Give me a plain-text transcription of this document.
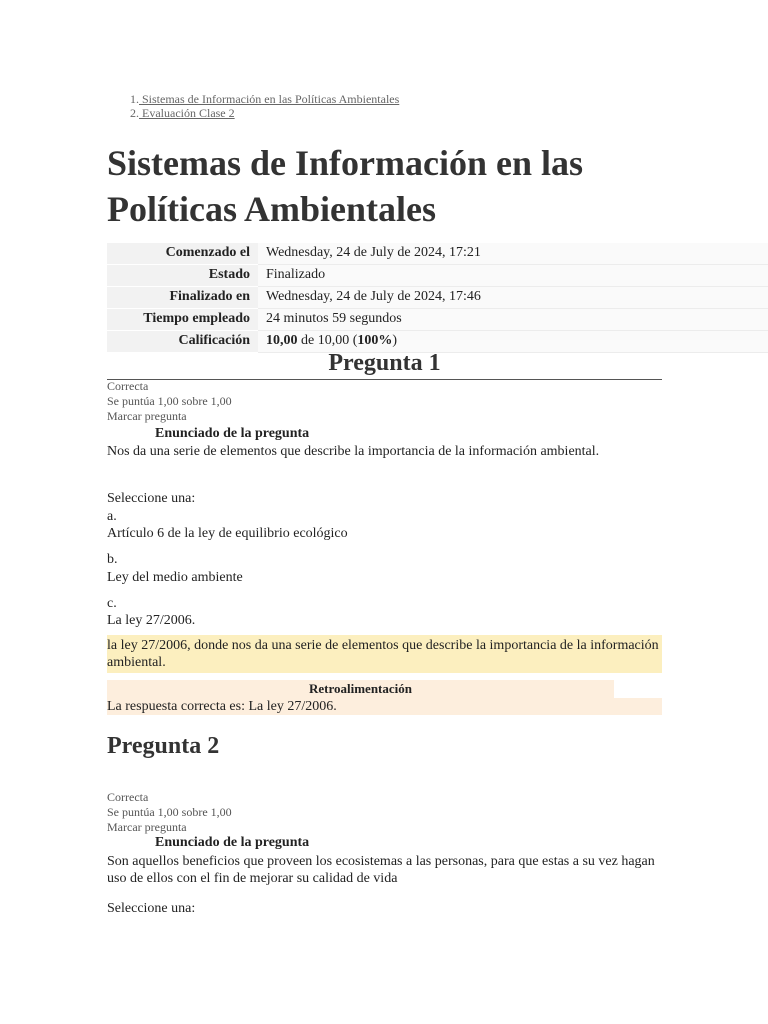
1. Sistemas de Información en las Políticas Ambientales
2. Evaluación Clase 2
Sistemas de Información en las Políticas Ambientales
Comenzado el	Wednesday, 24 de July de 2024, 17:21
Estado	Finalizado
Finalizado en	Wednesday, 24 de July de 2024, 17:46
Tiempo empleado	24 minutos 59 segundos
Calificación	10,00 de 10,00 (100%)
Pregunta 1
Correcta
Se puntúa 1,00 sobre 1,00
Marcar pregunta
Enunciado de la pregunta

Nos da una serie de elementos que describe la importancia de la información ambiental.

Seleccione una:

a.

Artículo 6 de la ley de equilibrio ecológico

b.

Ley del medio ambiente

c.

La ley 27/2006.

la ley 27/2006, donde nos da una serie de elementos que describe la importancia de la información ambiental.
Retroalimentación
La respuesta correcta es: La ley 27/2006.
Pregunta 2
Correcta
Se puntúa 1,00 sobre 1,00
Marcar pregunta
Enunciado de la pregunta

Son aquellos beneficios que proveen los ecosistemas a las personas, para que estas a su vez hagan uso de ellos con el fin de mejorar su calidad de vida

Seleccione una:
